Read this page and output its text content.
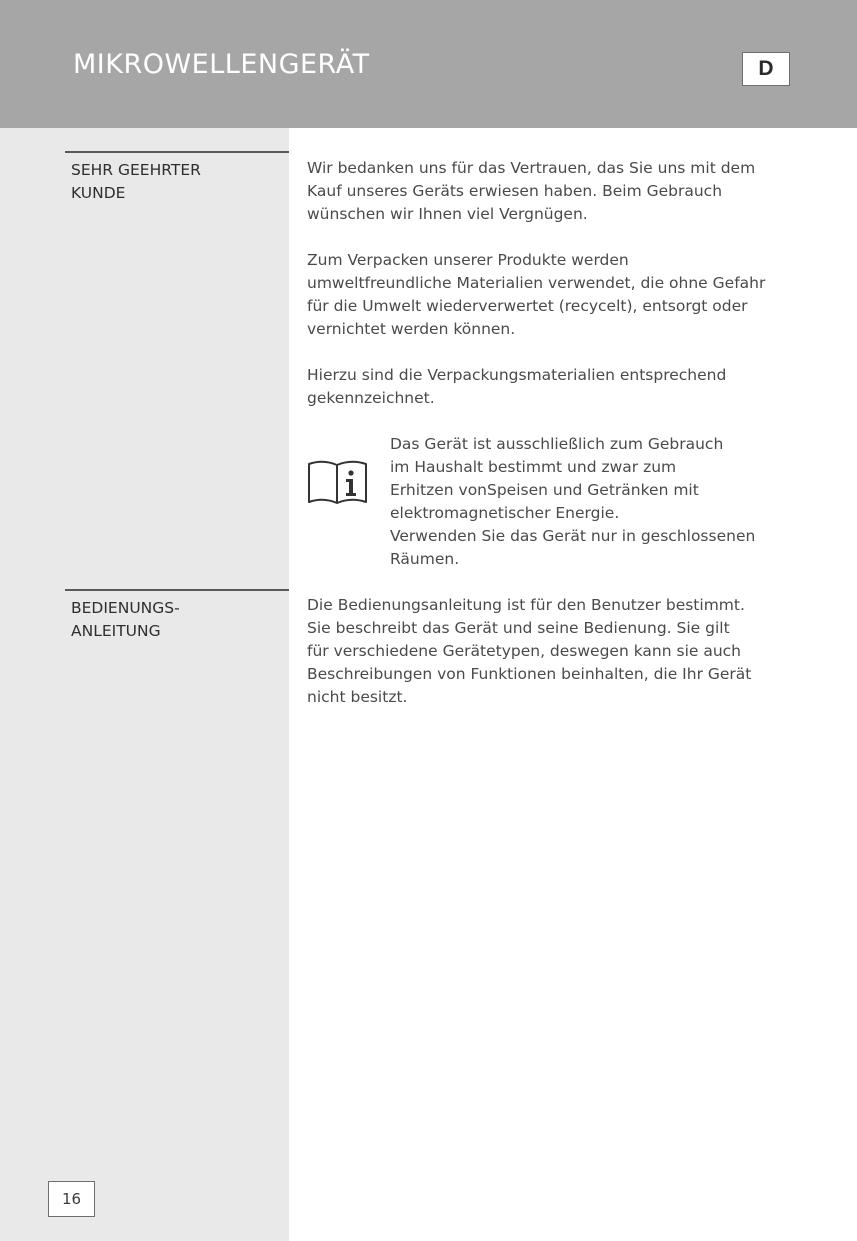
MIKROWELLENGERÄT	D
SEHR GEEHRTER
KUNDE

Wir bedanken uns für das Vertrauen, das Sie uns mit dem
Kauf unseres Geräts erwiesen haben. Beim Gebrauch
wünschen wir Ihnen viel Vergnügen.

Zum Verpacken unserer Produkte werden
umweltfreundliche Materialien verwendet, die ohne Gefahr
für die Umwelt wiederverwertet (recycelt), entsorgt oder
vernichtet werden können.

Hierzu sind die Verpackungsmaterialien entsprechend
gekennzeichnet.

Das Gerät ist ausschließlich zum Gebrauch
im Haushalt bestimmt und zwar zum
Erhitzen vonSpeisen und Getränken mit
elektromagnetischer Energie.
Verwenden Sie das Gerät nur in geschlossenen
Räumen.

BEDIENUNGS-
ANLEITUNG

Die Bedienungsanleitung ist für den Benutzer bestimmt.
Sie beschreibt das Gerät und seine Bedienung. Sie gilt
für verschiedene Gerätetypen, deswegen kann sie auch
Beschreibungen von Funktionen beinhalten, die Ihr Gerät
nicht besitzt.

16
